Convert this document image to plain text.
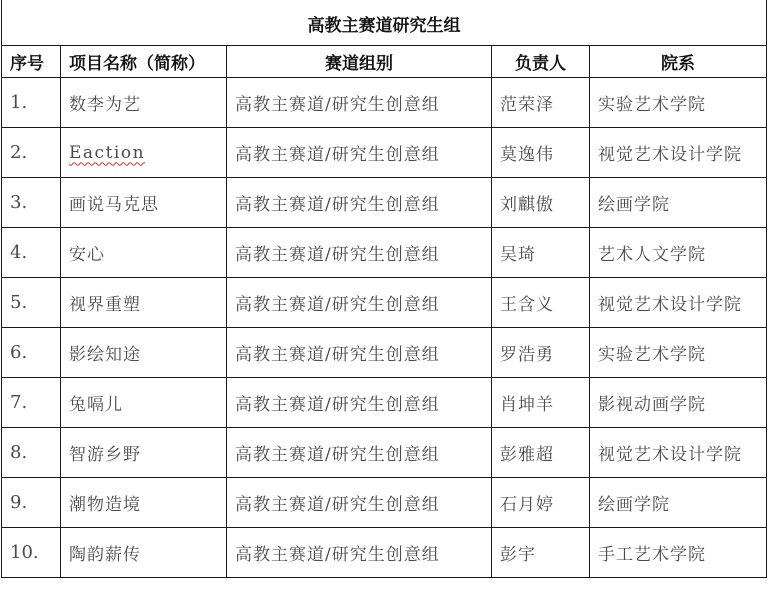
高教主赛道研究生组				
序号	项目名称（简称）	赛道组别	负责人	院系
1.	数李为艺	高教主赛道/研究生创意组	范荣泽	实验艺术学院
2.	Eaction	高教主赛道/研究生创意组	莫逸伟	视觉艺术设计学院
3.	画说马克思	高教主赛道/研究生创意组	刘麒傲	绘画学院
4.	安心	高教主赛道/研究生创意组	吴琦	艺术人文学院
5.	视界重塑	高教主赛道/研究生创意组	王含义	视觉艺术设计学院
6.	影绘知途	高教主赛道/研究生创意组	罗浩勇	实验艺术学院
7.	兔嗝儿	高教主赛道/研究生创意组	肖坤羊	影视动画学院
8.	智游乡野	高教主赛道/研究生创意组	彭雅超	视觉艺术设计学院
9.	潮物造境	高教主赛道/研究生创意组	石月婷	绘画学院
10.	陶韵薪传	高教主赛道/研究生创意组	彭宇	手工艺术学院
